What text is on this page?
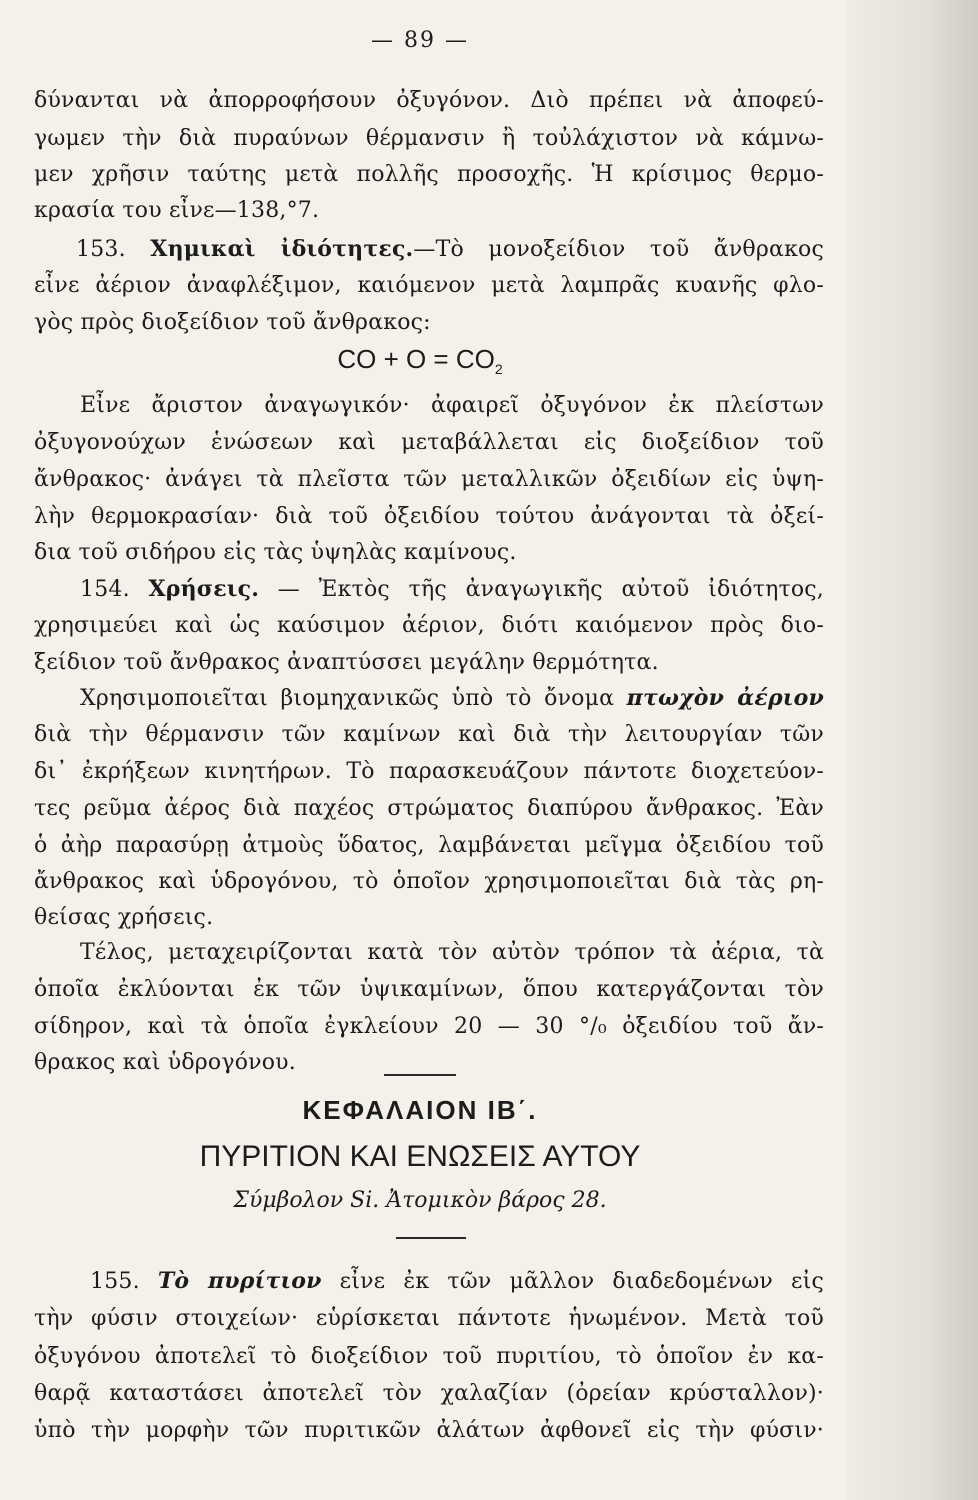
— 89 —
δύνανται νὰ ἀπορροφήσουν ὀξυγόνον. Διὸ πρέπει νὰ ἀποφεύ-
γωμεν τὴν διὰ πυραύνων θέρμανσιν ἢ τοὐλάχιστον νὰ κάμνω-
μεν χρῆσιν ταύτης μετὰ πολλῆς προσοχῆς. Ἡ κρίσιμος θερμο-
κρασία του εἶνε—138,°7.
153. Χημικαὶ ἰδιότητες.—Τὸ μονοξείδιον τοῦ ἄνθρακος
εἶνε ἀέριον ἀναφλέξιμον, καιόμενον μετὰ λαμπρᾶς κυανῆς φλο-
γὸς πρὸς διοξείδιον τοῦ ἄνθρακος:
CO + $O = CO_2$
Εἶνε ἄριστον ἀναγωγικόν· ἀφαιρεῖ ὀξυγόνον ἐκ πλείστων
ὀξυγονούχων ἑνώσεων καὶ μεταβάλλεται εἰς διοξείδιον τοῦ
ἄνθρακος· ἀνάγει τὰ πλεῖστα τῶν μεταλλικῶν ὀξειδίων εἰς ὑψη-
λὴν θερμοκρασίαν· διὰ τοῦ ὀξειδίου τούτου ἀνάγονται τὰ ὀξεί-
δια τοῦ σιδήρου εἰς τὰς ὑψηλὰς καμίνους.
154. Χρήσεις. — Ἐκτὸς τῆς ἀναγωγικῆς αὐτοῦ ἰδιότητος,
χρησιμεύει καὶ ὡς καύσιμον ἀέριον, διότι καιόμενον πρὸς διο-
ξείδιον τοῦ ἄνθρακος ἀναπτύσσει μεγάλην θερμότητα.
Χρησιμοποιεῖται βιομηχανικῶς ὑπὸ τὸ ὄνομα πτωχὸν ἀέριον
διὰ τὴν θέρμανσιν τῶν καμίνων καὶ διὰ τὴν λειτουργίαν τῶν
δι᾿ ἐκρήξεων κινητήρων. Τὸ παρασκευάζουν πάντοτε διοχετεύον-
τες ρεῦμα ἀέρος διὰ παχέος στρώματος διαπύρου ἄνθρακος. Ἐὰν
ὁ ἀὴρ παρασύρῃ ἀτμοὺς ὕδατος, λαμβάνεται μεῖγμα ὀξειδίου τοῦ
ἄνθρακος καὶ ὑδρογόνου, τὸ ὁποῖον χρησιμοποιεῖται διὰ τὰς ρη-
θείσας χρήσεις.
Τέλος, μεταχειρίζονται κατὰ τὸν αὐτὸν τρόπον τὰ ἀέρια, τὰ
ὁποῖα ἐκλύονται ἐκ τῶν ὑψικαμίνων, ὅπου κατεργάζονται τὸν
σίδηρον, καὶ τὰ ὁποῖα ἐγκλείουν 20 — 30 °/₀ ὀξειδίου τοῦ ἄν-
θρακος καὶ ὑδρογόνου.
ΚΕΦΑΛΑΙΟΝ ΙΒ΄.
ΠΥΡΙΤΙΟΝ ΚΑΙ ΕΝΩΣΕΙΣ ΑΥΤΟΥ
Σύμβολον Si. Ἀτομικὸν βάρος 28.
155. Τὸ πυρίτιον εἶνε ἐκ τῶν μᾶλλον διαδεδομένων εἰς
τὴν φύσιν στοιχείων· εὑρίσκεται πάντοτε ἡνωμένον. Μετὰ τοῦ
ὀξυγόνου ἀποτελεῖ τὸ διοξείδιον τοῦ πυριτίου, τὸ ὁποῖον ἐν κα-
θαρᾷ καταστάσει ἀποτελεῖ τὸν χαλαζίαν (ὀρείαν κρύσταλλον)·
ὑπὸ τὴν μορφὴν τῶν πυριτικῶν ἀλάτων ἀφθονεῖ εἰς τὴν φύσιν·
